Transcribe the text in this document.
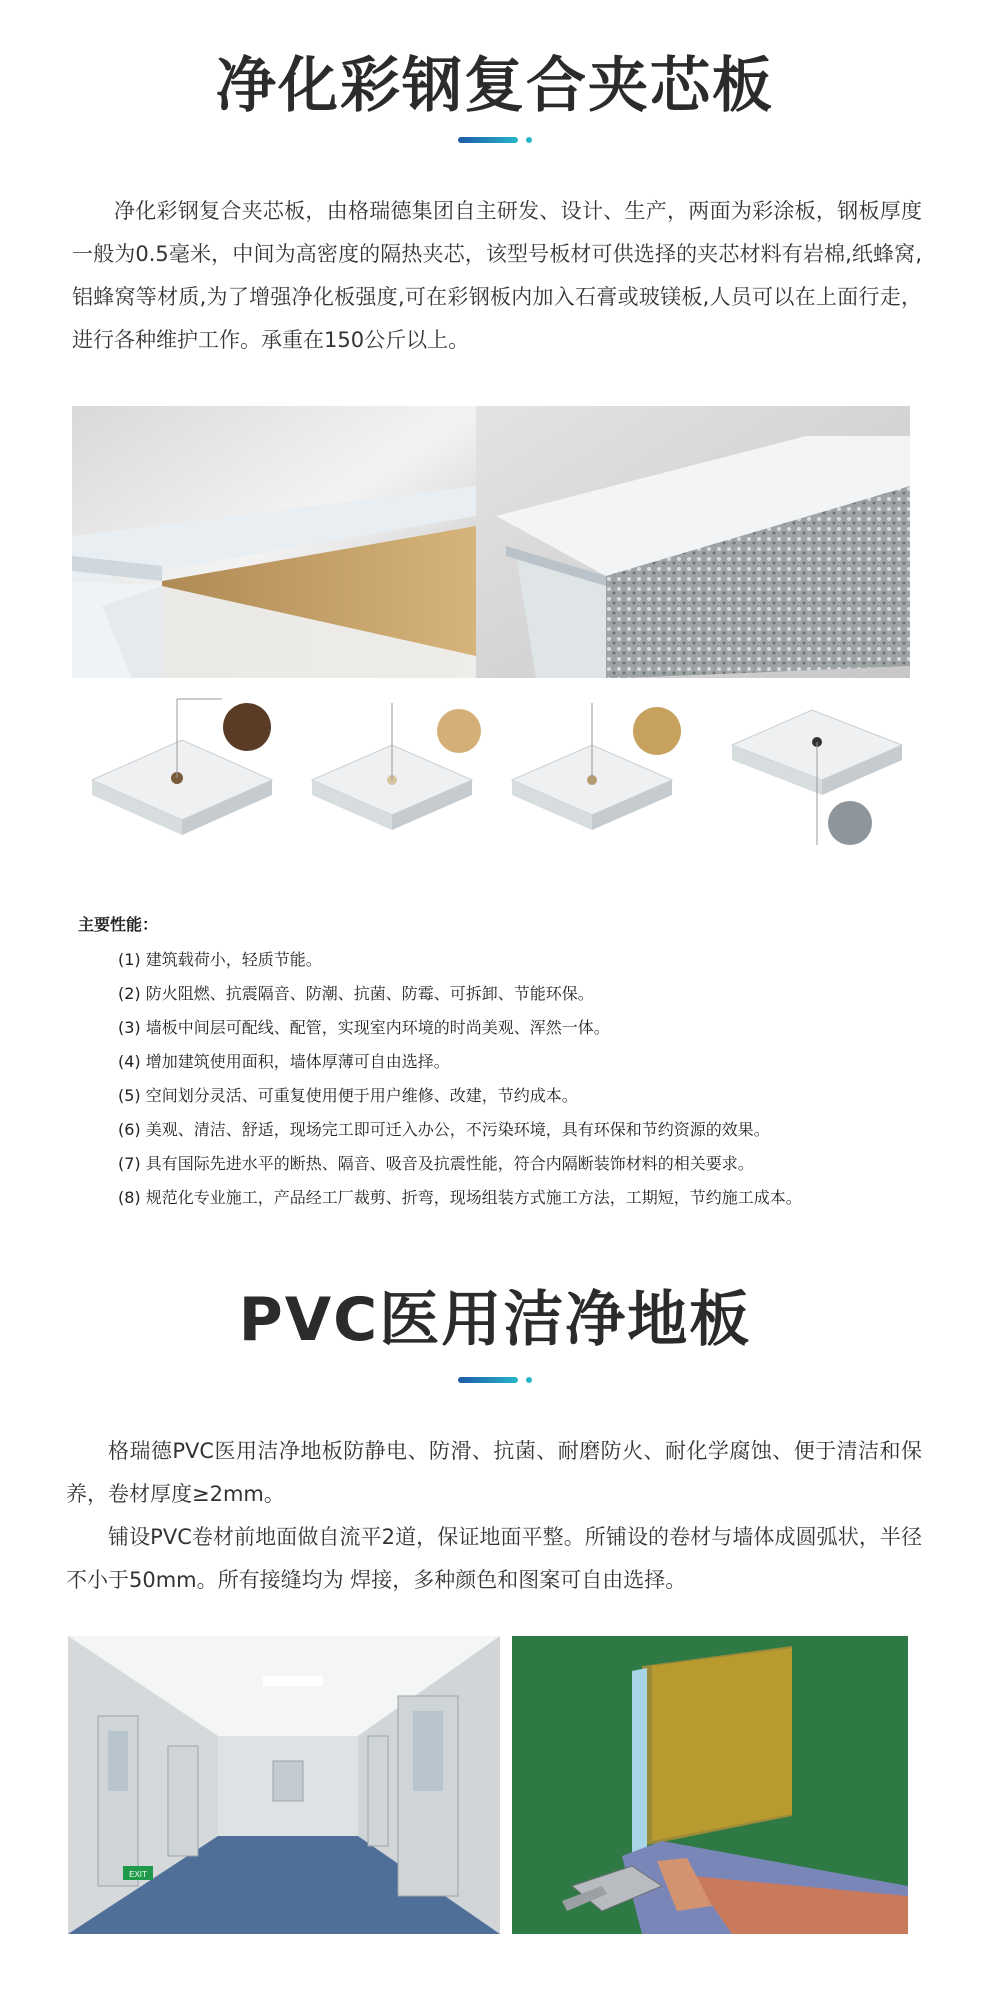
净化彩钢复合夹芯板

净化彩钢复合夹芯板，由格瑞德集团自主研发、设计、生产，两面为彩涂板，钢板厚度一般为0.5毫米，中间为高密度的隔热夹芯，该型号板材可供选择的夹芯材料有岩棉,纸蜂窝,铝蜂窝等材质,为了增强净化板强度,可在彩钢板内加入石膏或玻镁板,人员可以在上面行走，进行各种维护工作。承重在150公斤以上。

主要性能：
(1) 建筑载荷小，轻质节能。
(2) 防火阻燃、抗震隔音、防潮、抗菌、防霉、可拆卸、节能环保。
(3) 墙板中间层可配线、配管，实现室内环境的时尚美观、浑然一体。
(4) 增加建筑使用面积，墙体厚薄可自由选择。
(5) 空间划分灵活、可重复使用便于用户维修、改建，节约成本。
(6) 美观、清洁、舒适，现场完工即可迁入办公，不污染环境，具有环保和节约资源的效果。
(7) 具有国际先进水平的断热、隔音、吸音及抗震性能，符合内隔断装饰材料的相关要求。
(8) 规范化专业施工，产品经工厂裁剪、折弯，现场组装方式施工方法，工期短，节约施工成本。
PVC医用洁净地板

格瑞德PVC医用洁净地板防静电、防滑、抗菌、耐磨防火、耐化学腐蚀、便于清洁和保养，卷材厚度≥2mm。

铺设PVC卷材前地面做自流平2道，保证地面平整。所铺设的卷材与墙体成圆弧状，半径不小于50mm。所有接缝均为 焊接，多种颜色和图案可自由选择。

EXIT
